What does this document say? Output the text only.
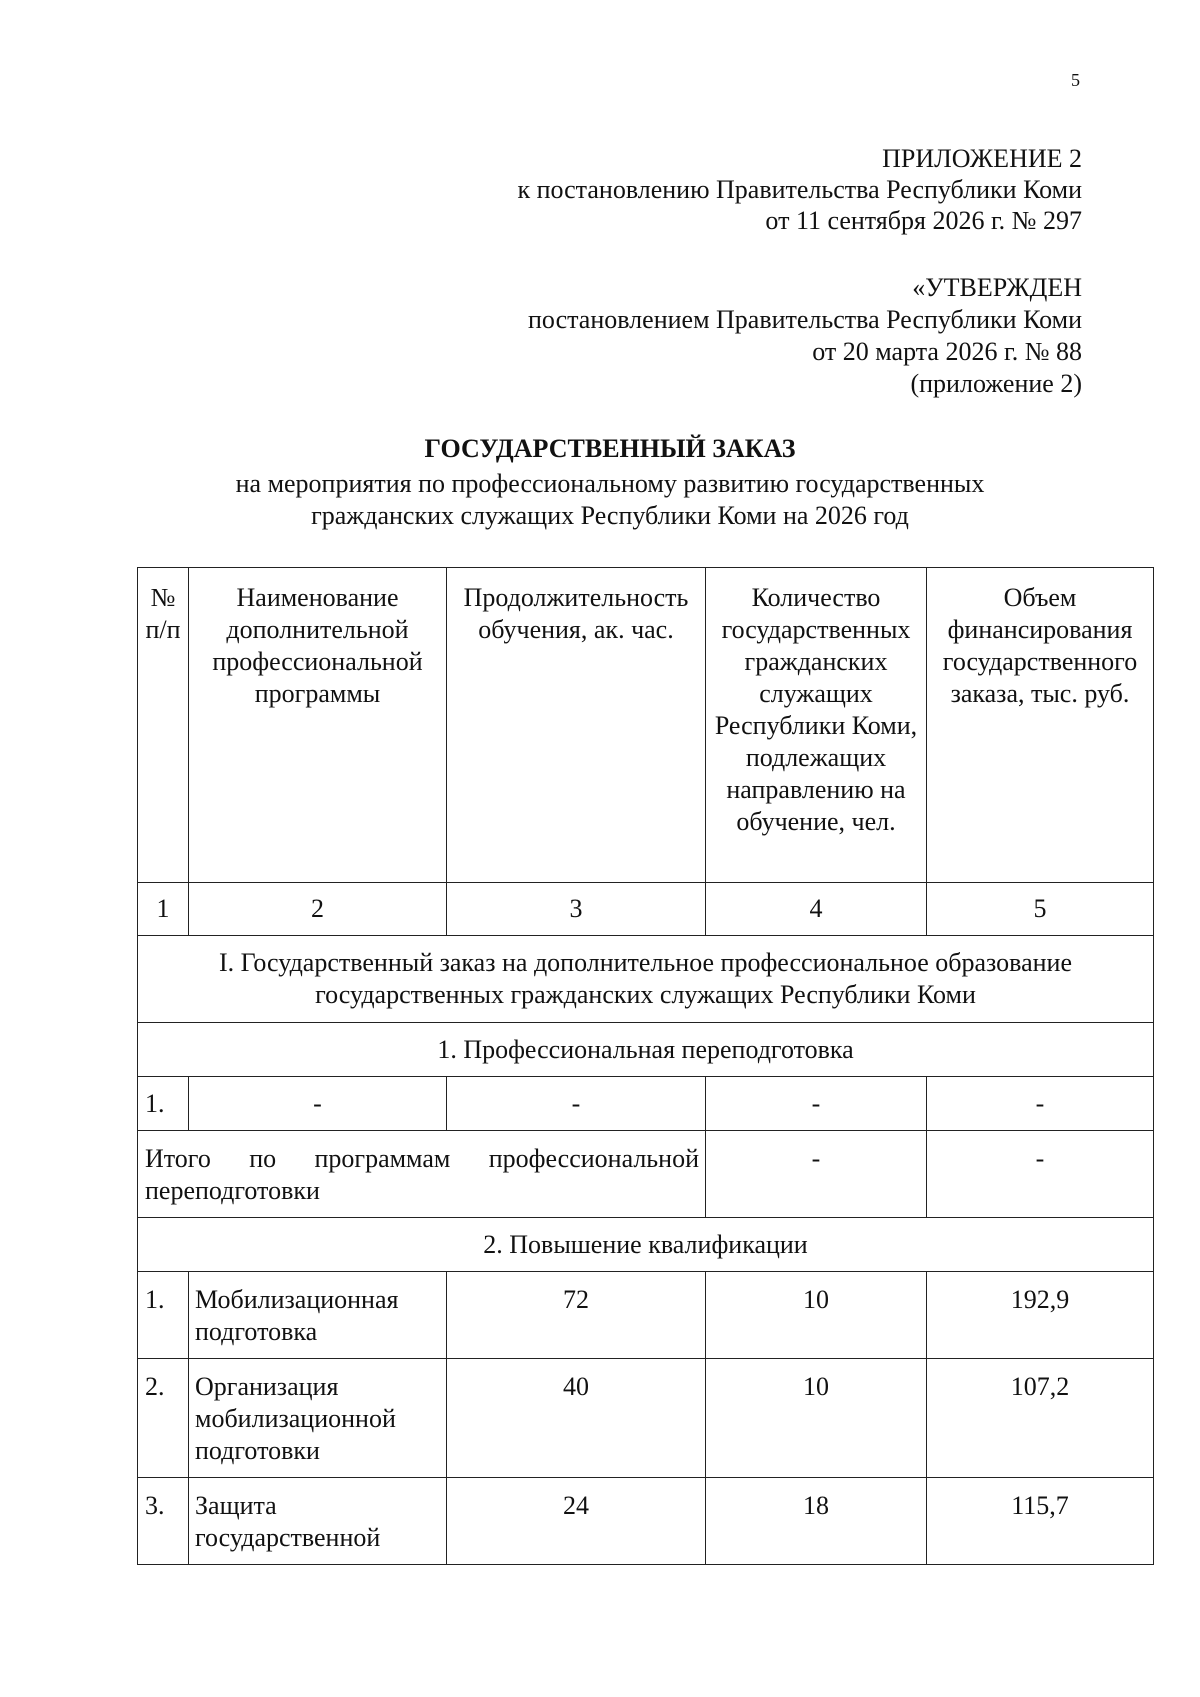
5
ПРИЛОЖЕНИЕ 2
к постановлению Правительства Республики Коми
от 11 сентября 2026 г. № 297
«УТВЕРЖДЕН
постановлением Правительства Республики Коми
от 20 марта 2026 г. № 88
(приложение 2)
ГОСУДАРСТВЕННЫЙ ЗАКАЗ
на мероприятия по профессиональному развитию государственных
гражданских служащих Республики Коми на 2026 год
№ п/п	Наименование дополнительной профессиональной программы	Продолжительность обучения, ак. час.	Количество государственных гражданских служащих Республики Коми, подлежащих направлению на обучение, чел.	Объем финансирования государственного заказа, тыс. руб.
1	2	3	4	5
I. Государственный заказ на дополнительное профессиональное образование государственных гражданских служащих Республики Коми				
1. Профессиональная переподготовка				
1.	-	-	-	-
Итого по программам профессиональной переподготовки			-	-
2. Повышение квалификации				
1.	Мобилизационная подготовка	72	10	192,9
2.	Организация мобилизационной подготовки	40	10	107,2
3.	Защита государственной	24	18	115,7
